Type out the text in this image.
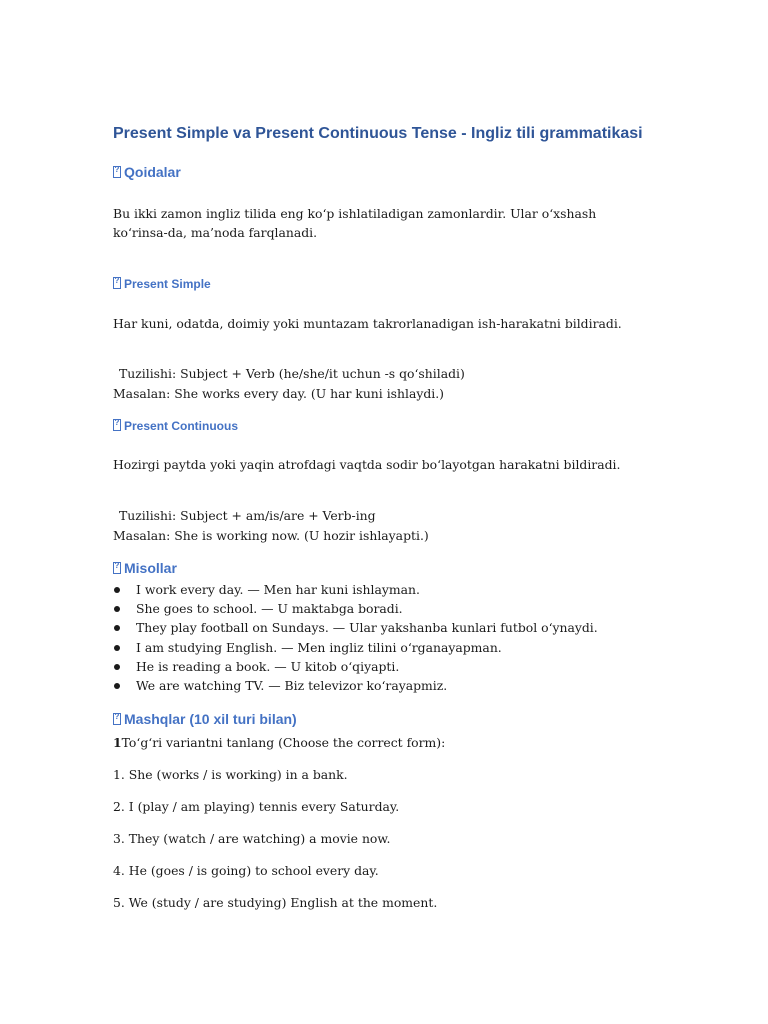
Present Simple va Present Continuous Tense - Ingliz tili grammatikasi
?Qoidalar
Bu ikki zamon ingliz tilida eng ko‘p ishlatiladigan zamonlardir. Ular o‘xshash ko‘rinsa-da, ma’noda farqlanadi.
?Present Simple
Har kuni, odatda, doimiy yoki muntazam takrorlanadigan ish-harakatni bildiradi.
Tuzilishi: Subject + Verb (he/she/it uchun -s qo‘shiladi)
Masalan: She works every day. (U har kuni ishlaydi.)
?Present Continuous
Hozirgi paytda yoki yaqin atrofdagi vaqtda sodir bo‘layotgan harakatni bildiradi.
Tuzilishi: Subject + am/is/are + Verb-ing
Masalan: She is working now. (U hozir ishlayapti.)
?Misollar
I work every day. — Men har kuni ishlayman.
She goes to school. — U maktabga boradi.
They play football on Sundays. — Ular yakshanba kunlari futbol o‘ynaydi.
I am studying English. — Men ingliz tilini o‘rganayapman.
He is reading a book. — U kitob o‘qiyapti.
We are watching TV. — Biz televizor ko‘rayapmiz.
?Mashqlar (10 xil turi bilan)
1To‘g‘ri variantni tanlang (Choose the correct form):
1. She (works / is working) in a bank.
2. I (play / am playing) tennis every Saturday.
3. They (watch / are watching) a movie now.
4. He (goes / is going) to school every day.
5. We (study / are studying) English at the moment.
